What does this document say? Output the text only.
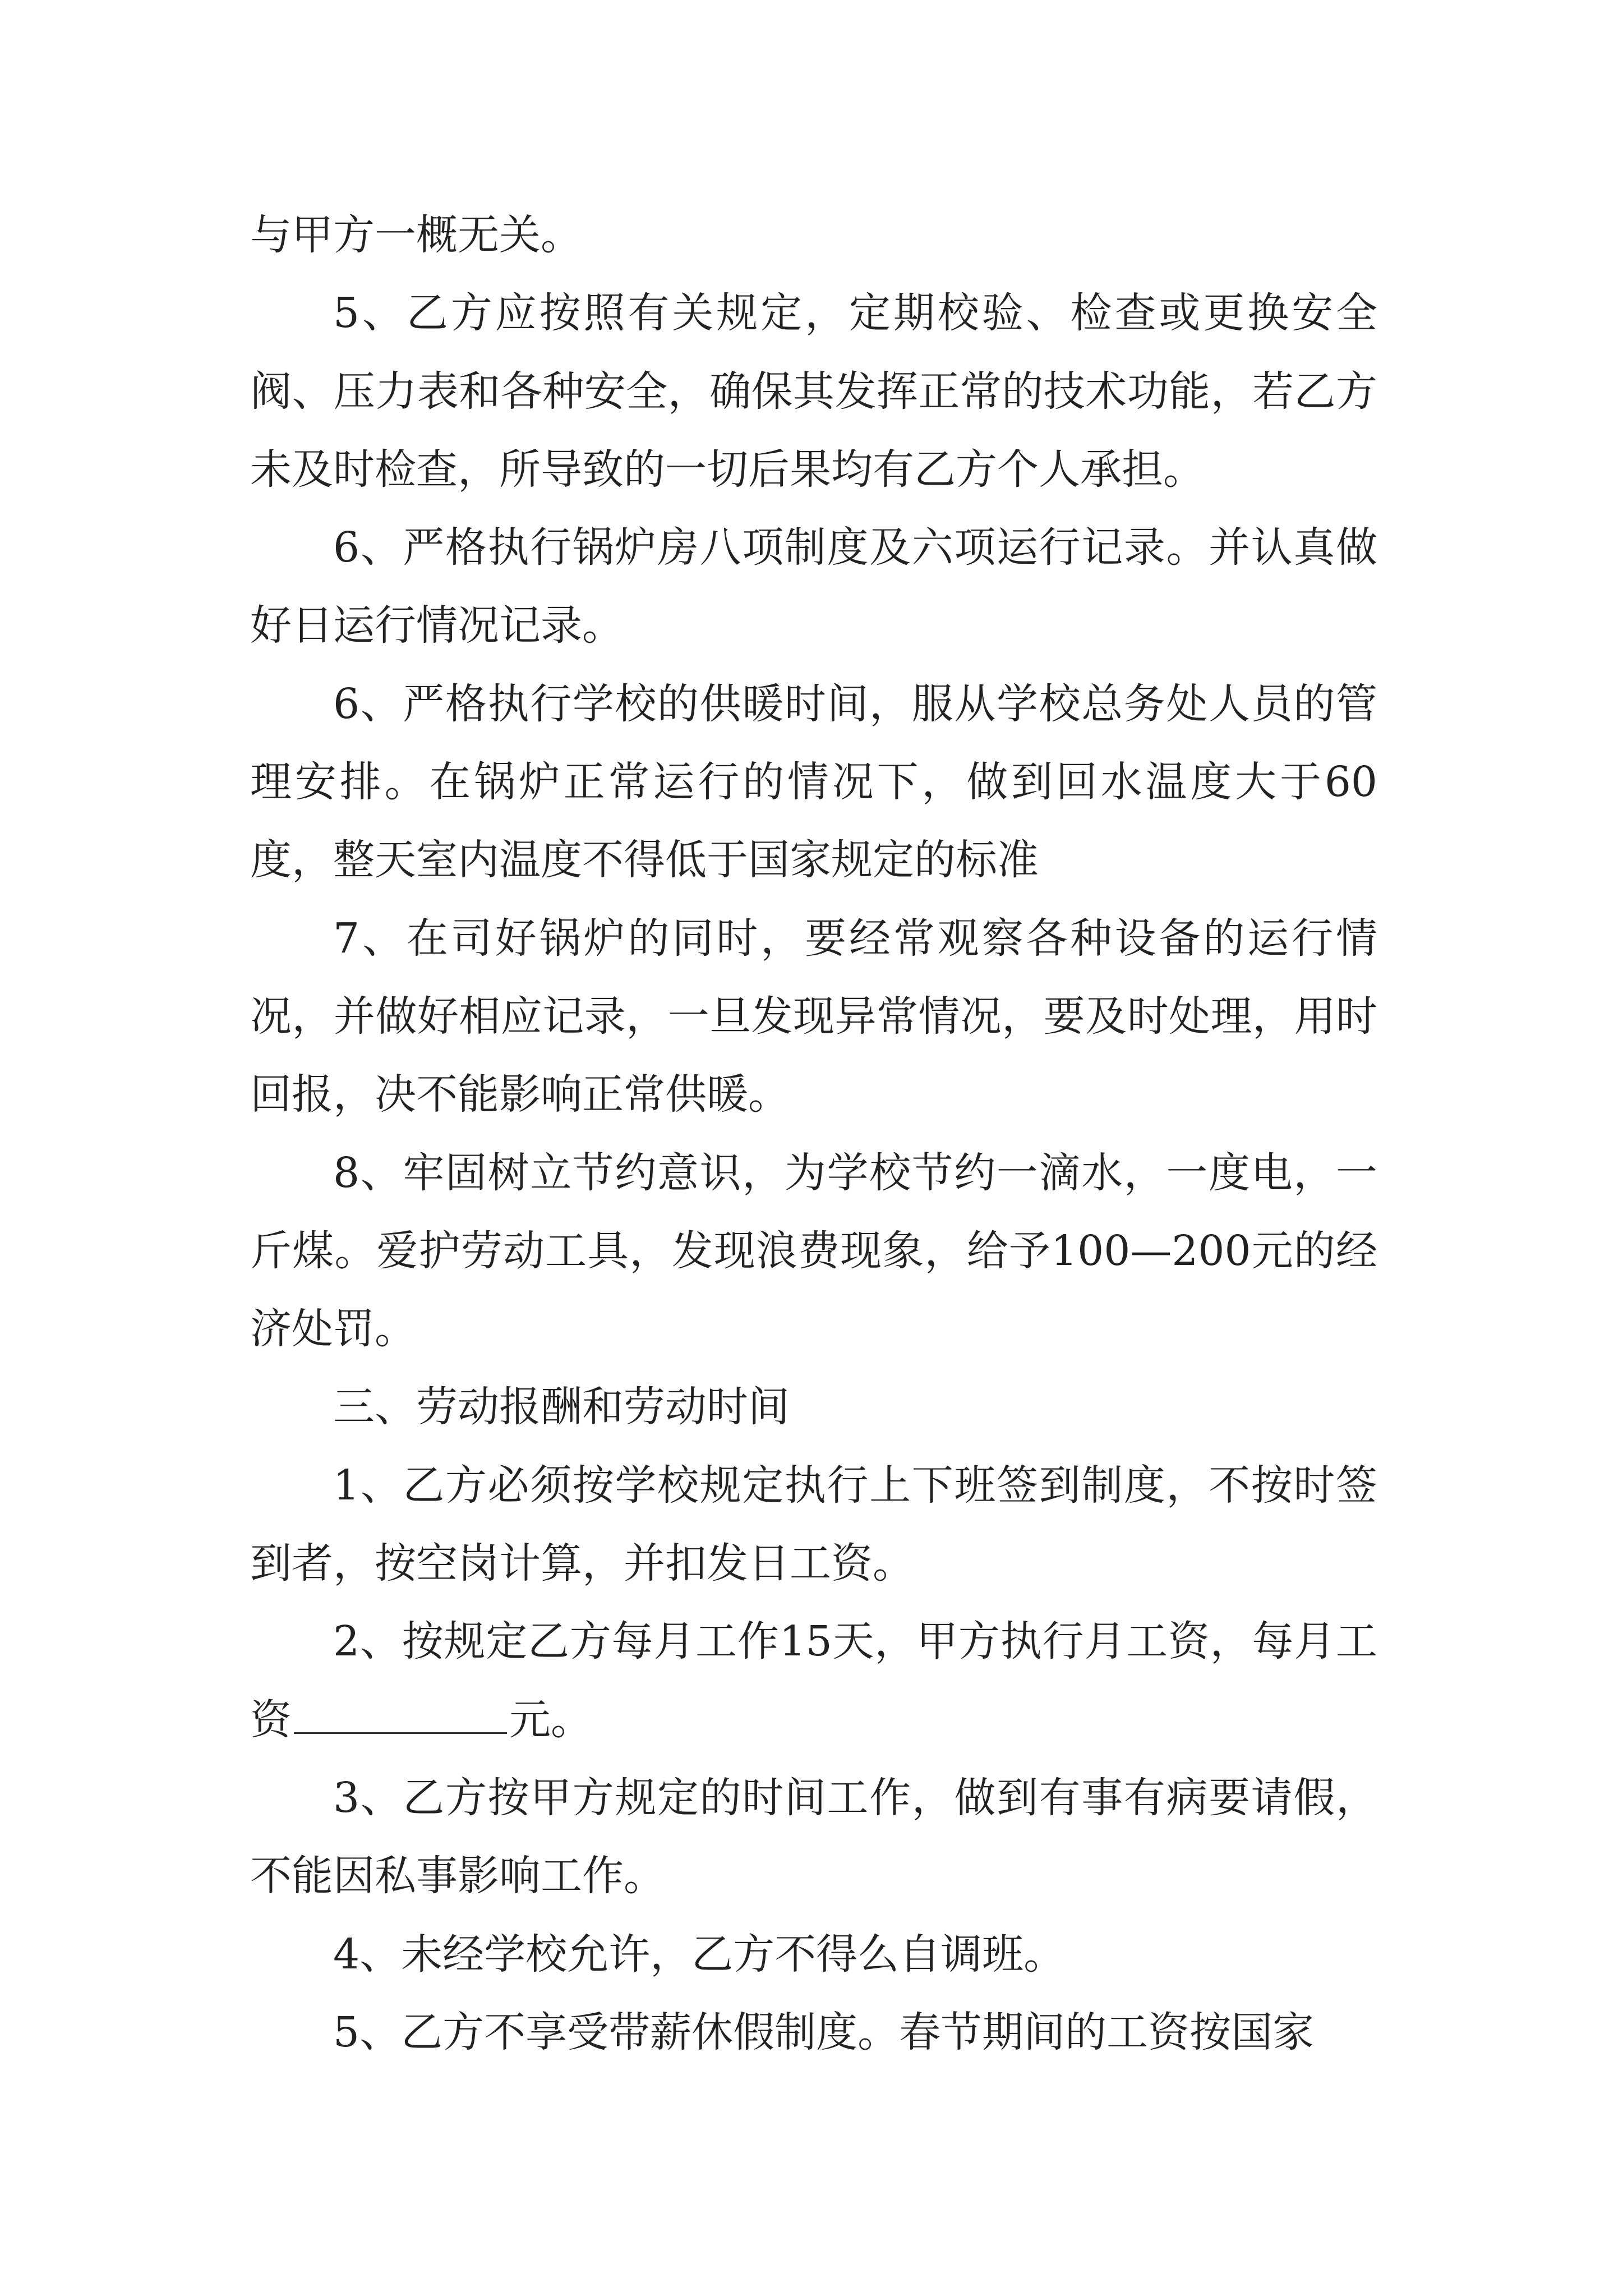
与甲方一概无关。

5、乙方应按照有关规定，定期校验、检查或更换安全阀、压力表和各种安全，确保其发挥正常的技术功能，若乙方未及时检查，所导致的一切后果均有乙方个人承担。

6、严格执行锅炉房八项制度及六项运行记录。并认真做好日运行情况记录。

6、严格执行学校的供暖时间，服从学校总务处人员的管理安排。在锅炉正常运行的情况下，做到回水温度大于60度，整天室内温度不得低于国家规定的标准

7、在司好锅炉的同时，要经常观察各种设备的运行情况，并做好相应记录，一旦发现异常情况，要及时处理，用时回报，决不能影响正常供暖。

8、牢固树立节约意识，为学校节约一滴水，一度电，一斤煤。爱护劳动工具，发现浪费现象，给予100—200元的经济处罚。

三、劳动报酬和劳动时间

1、乙方必须按学校规定执行上下班签到制度，不按时签到者，按空岗计算，并扣发日工资。

2、按规定乙方每月工作15天，甲方执行月工资，每月工资	元。

3、乙方按甲方规定的时间工作，做到有事有病要请假，不能因私事影响工作。

4、未经学校允许，乙方不得么自调班。

5、乙方不享受带薪休假制度。春节期间的工资按国家
